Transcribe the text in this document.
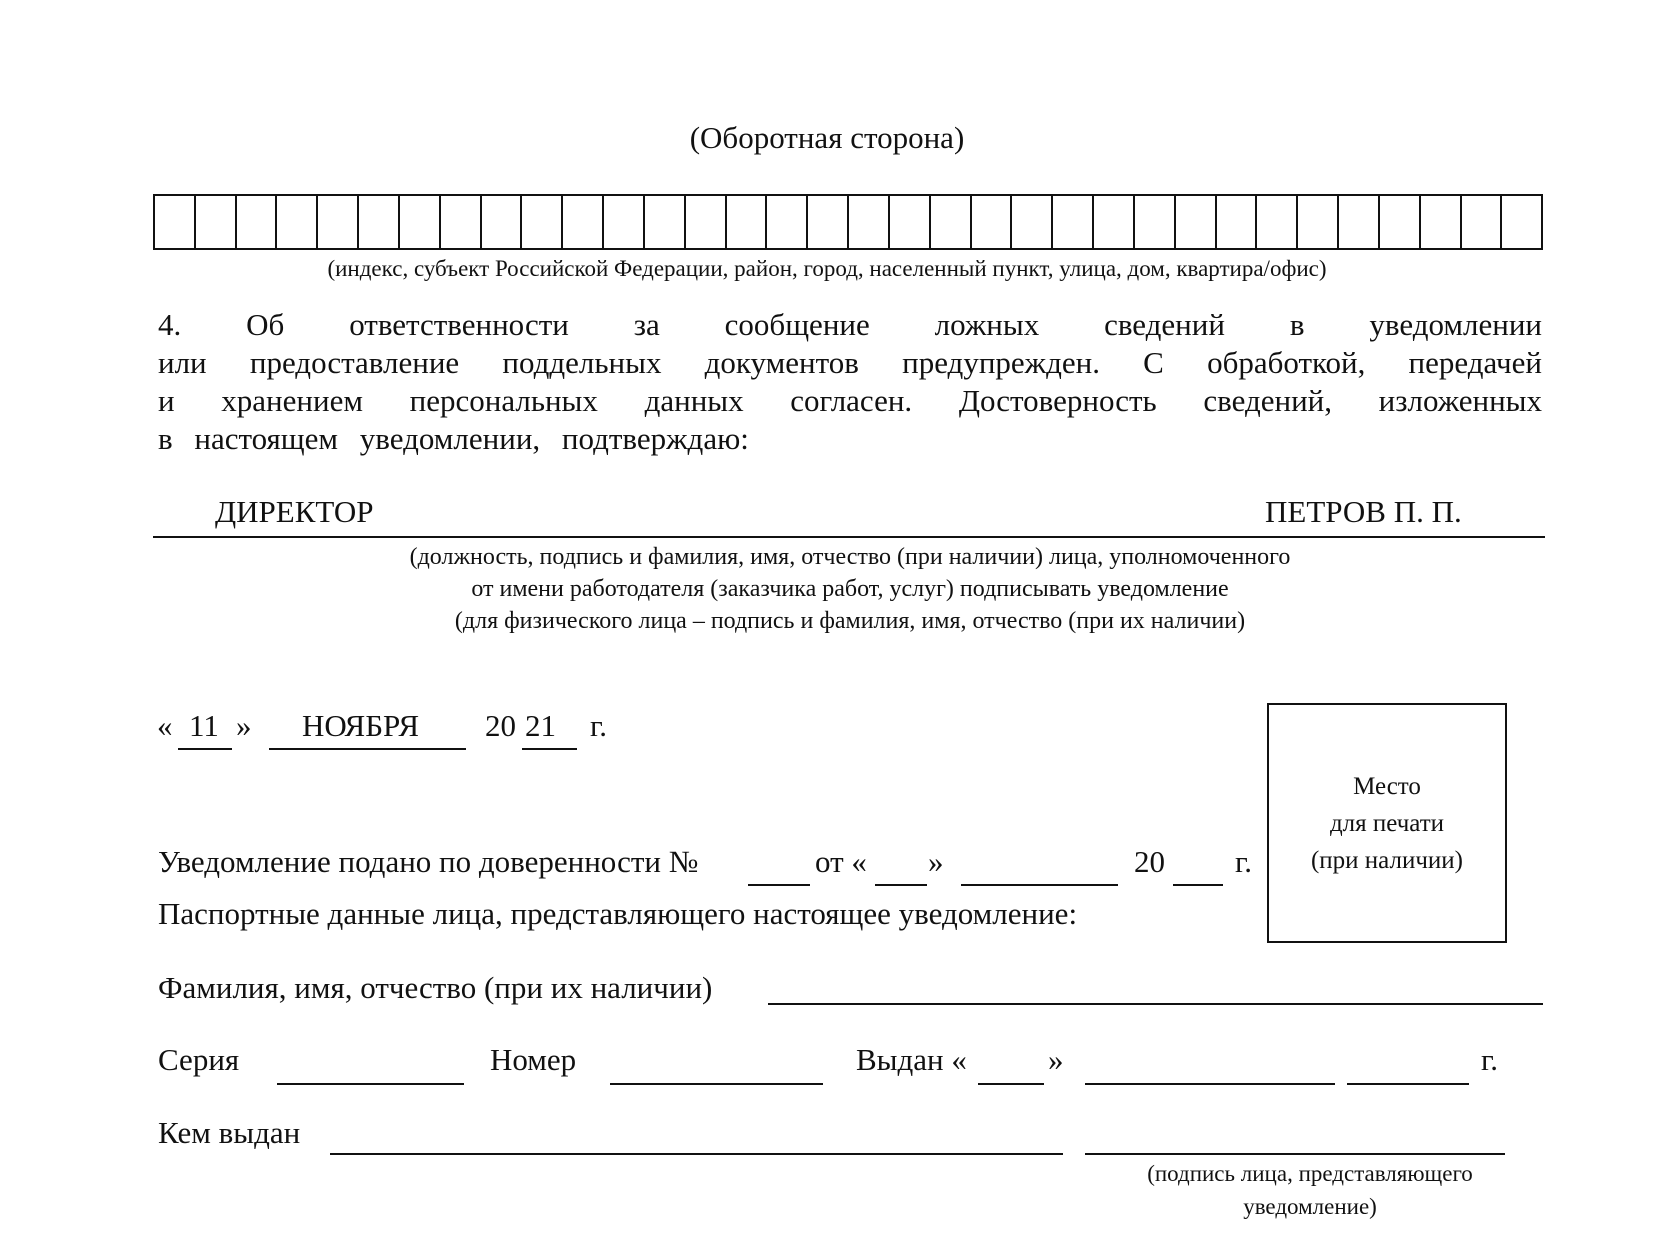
(Оборотная сторона)
(индекс, субъект Российской Федерации, район, город, населенный пункт, улица, дом, квартира/офис)
4. Об ответственности за сообщение ложных сведений в уведомлении
или предоставление поддельных документов предупрежден. С обработкой, передачей
и хранением персональных данных согласен. Достоверность сведений, изложенных
в настоящем уведомлении, подтверждаю:
ДИРЕКТОР	ПЕТРОВ П. П.
(должность, подпись и фамилия, имя, отчество (при наличии) лица, уполномоченного
от имени работодателя (заказчика работ, услуг) подписывать уведомление
(для физического лица – подпись и фамилия, имя, отчество (при их наличии)
« 11 » НОЯБРЯ 20 21 г.
Место
для печати
(при наличии)
Уведомление подано по доверенности №	от « »	20 г.
Паспортные данные лица, представляющего настоящее уведомление:
Фамилия, имя, отчество (при их наличии)
Серия	Номер	Выдан «	»	г.
Кем выдан
(подпись лица, представляющего
уведомление)
